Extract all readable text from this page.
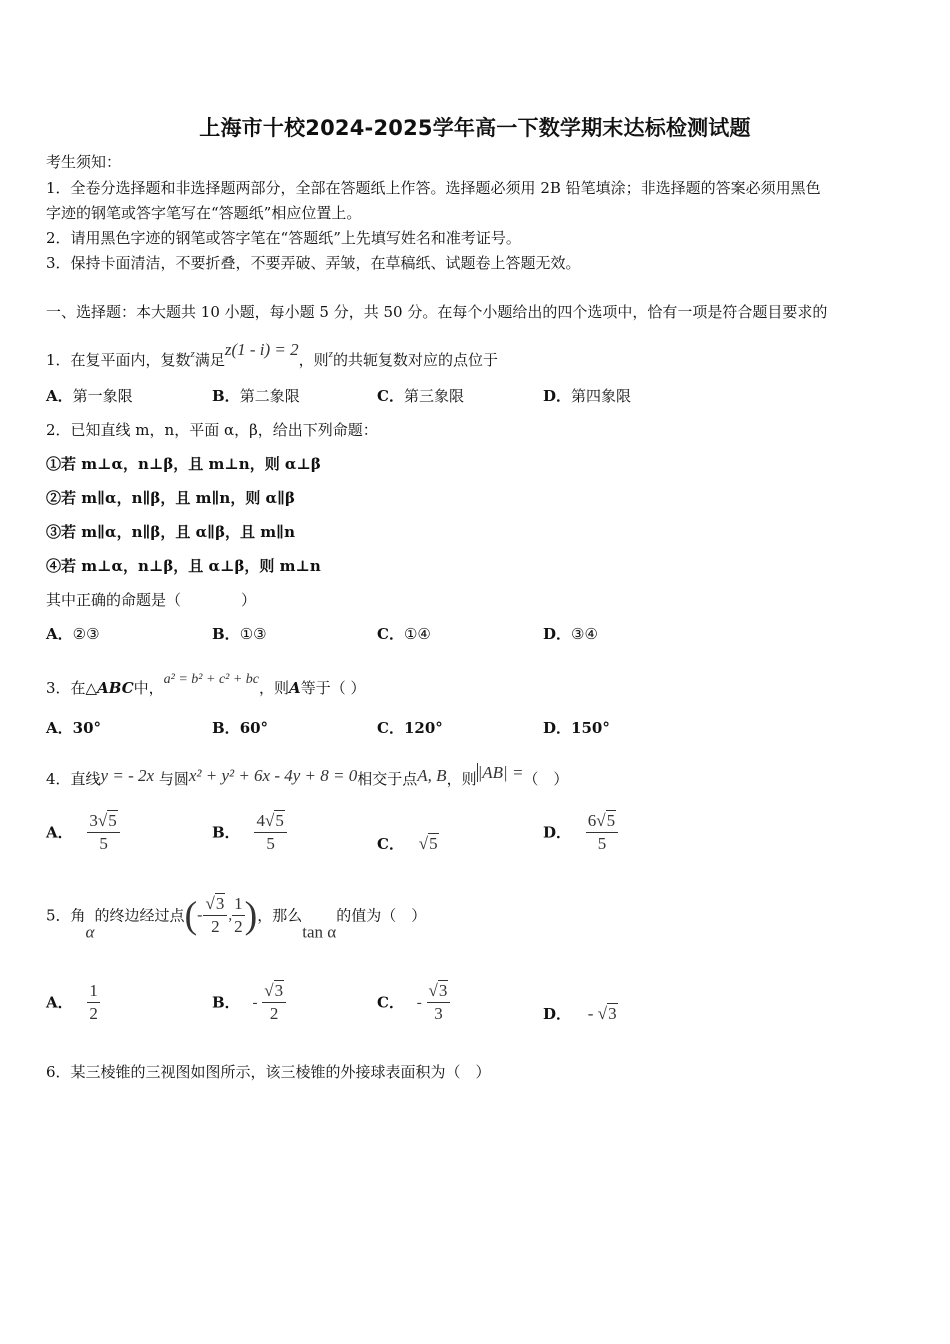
上海市十校2024-2025学年高一下数学期末达标检测试题
考生须知：
1．全卷分选择题和非选择题两部分，全部在答题纸上作答。选择题必须用 2B 铅笔填涂；非选择题的答案必须用黑色
字迹的钢笔或答字笔写在“答题纸”相应位置上。
2．请用黑色字迹的钢笔或答字笔在“答题纸”上先填写姓名和准考证号。
3．保持卡面清洁，不要折叠，不要弄破、弄皱，在草稿纸、试题卷上答题无效。
一、选择题：本大题共 10 小题，每小题 5 分，共 50 分。在每个小题给出的四个选项中，恰有一项是符合题目要求的
1．在复平面内，复数$^z$满足z(1 - i) = 2，则$^z$的共轭复数对应的点位于
A．第一象限	B．第二象限	C．第三象限	D．第四象限
2．已知直线 m，n，平面 α，β，给出下列命题：
①若 m⊥α，n⊥β，且 m⊥n，则 α⊥β
②若 m∥α，n∥β，且 m∥n，则 α∥β
③若 m∥α，n∥β，且 α∥β，且 m∥n
④若 m⊥α，n⊥β，且 α⊥β，则 m⊥n
其中正确的命题是（　　　　）
A．②③	B．①③	C．①④	D．③④
3．在△ABC中，a² = b² + c² + bc，则A等于（ ）
A．30°	B．60°	C．120°	D．150°
4．直线y = - 2x 与圆x² + y² + 6x - 4y + 8 = 0相交于点A, B，则|AB| =（　）
A． $\frac{3√5}{5}$	B． $\frac{4√5}{5}$	C． √5
D． $\frac{6√5}{5}$
5．角α的终边经过点(- $\frac{√3}{2}$ , $\frac{1}{2}$ )，那么tan α的值为（　）
A． $\frac{1}{2}$	B． - $\frac{√3}{2}$	C． - $\frac{√3}{3}$	D． - √3
6．某三棱锥的三视图如图所示，该三棱锥的外接球表面积为（　）
